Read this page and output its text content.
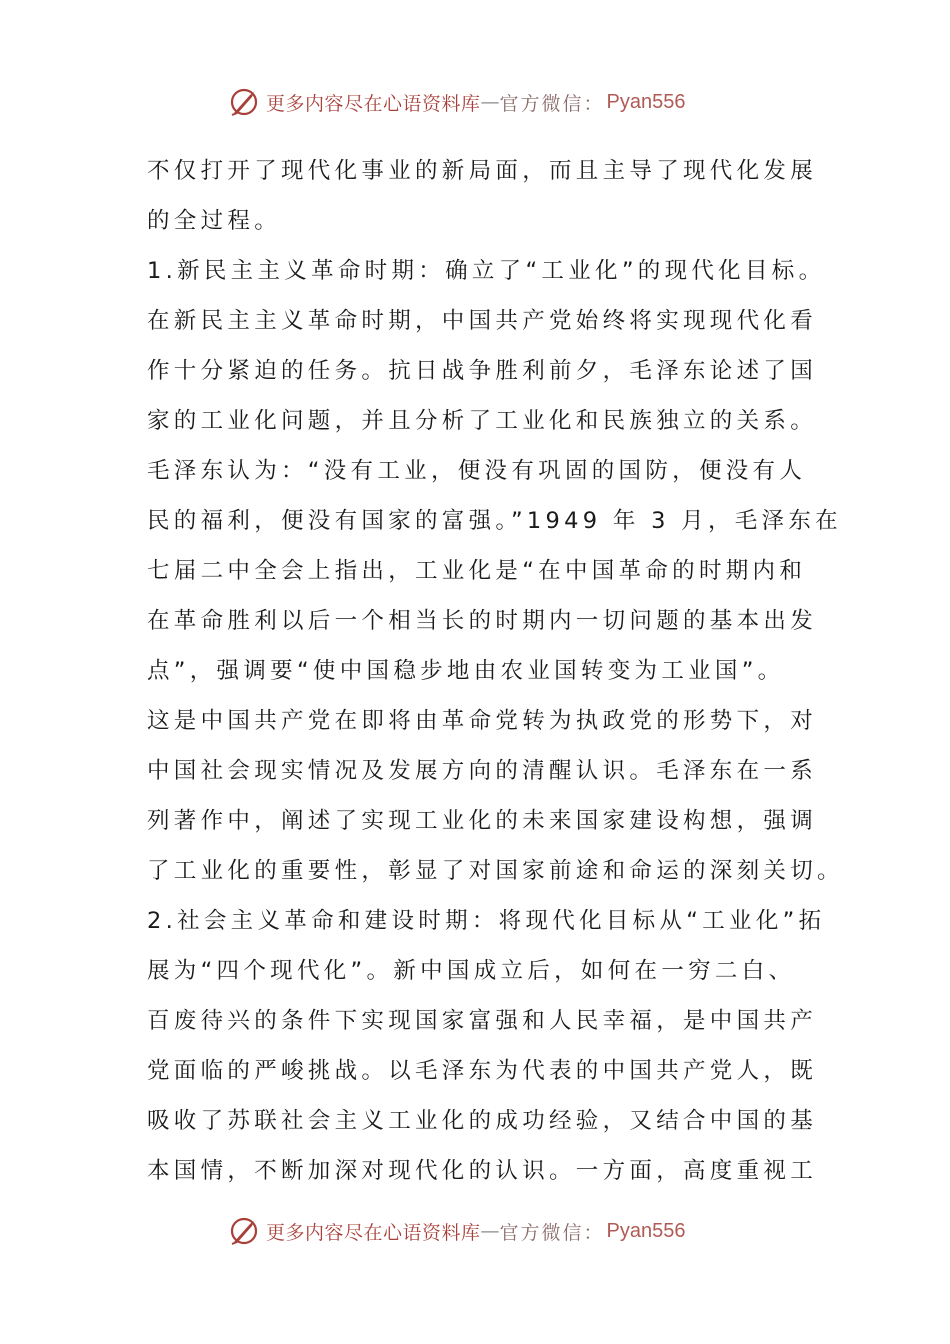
更多内容尽在心语资料库 — 官方微信： Pyan556
不仅打开了现代化事业的新局面，而且主导了现代化发展
的全过程。
1.新民主主义革命时期：确立了“工业化”的现代化目标。
在新民主主义革命时期，中国共产党始终将实现现代化看
作十分紧迫的任务。抗日战争胜利前夕，毛泽东论述了国
家的工业化问题，并且分析了工业化和民族独立的关系。
毛泽东认为：“没有工业，便没有巩固的国防，便没有人
民的福利，便没有国家的富强。”1949 年 3 月，毛泽东在
七届二中全会上指出，工业化是“在中国革命的时期内和
在革命胜利以后一个相当长的时期内一切问题的基本出发
点”，强调要“使中国稳步地由农业国转变为工业国”。
这是中国共产党在即将由革命党转为执政党的形势下，对
中国社会现实情况及发展方向的清醒认识。毛泽东在一系
列著作中，阐述了实现工业化的未来国家建设构想，强调
了工业化的重要性，彰显了对国家前途和命运的深刻关切。
2.社会主义革命和建设时期：将现代化目标从“工业化”拓
展为“四个现代化”。新中国成立后，如何在一穷二白、
百废待兴的条件下实现国家富强和人民幸福，是中国共产
党面临的严峻挑战。以毛泽东为代表的中国共产党人，既
吸收了苏联社会主义工业化的成功经验，又结合中国的基
本国情，不断加深对现代化的认识。一方面，高度重视工
更多内容尽在心语资料库 — 官方微信： Pyan556
